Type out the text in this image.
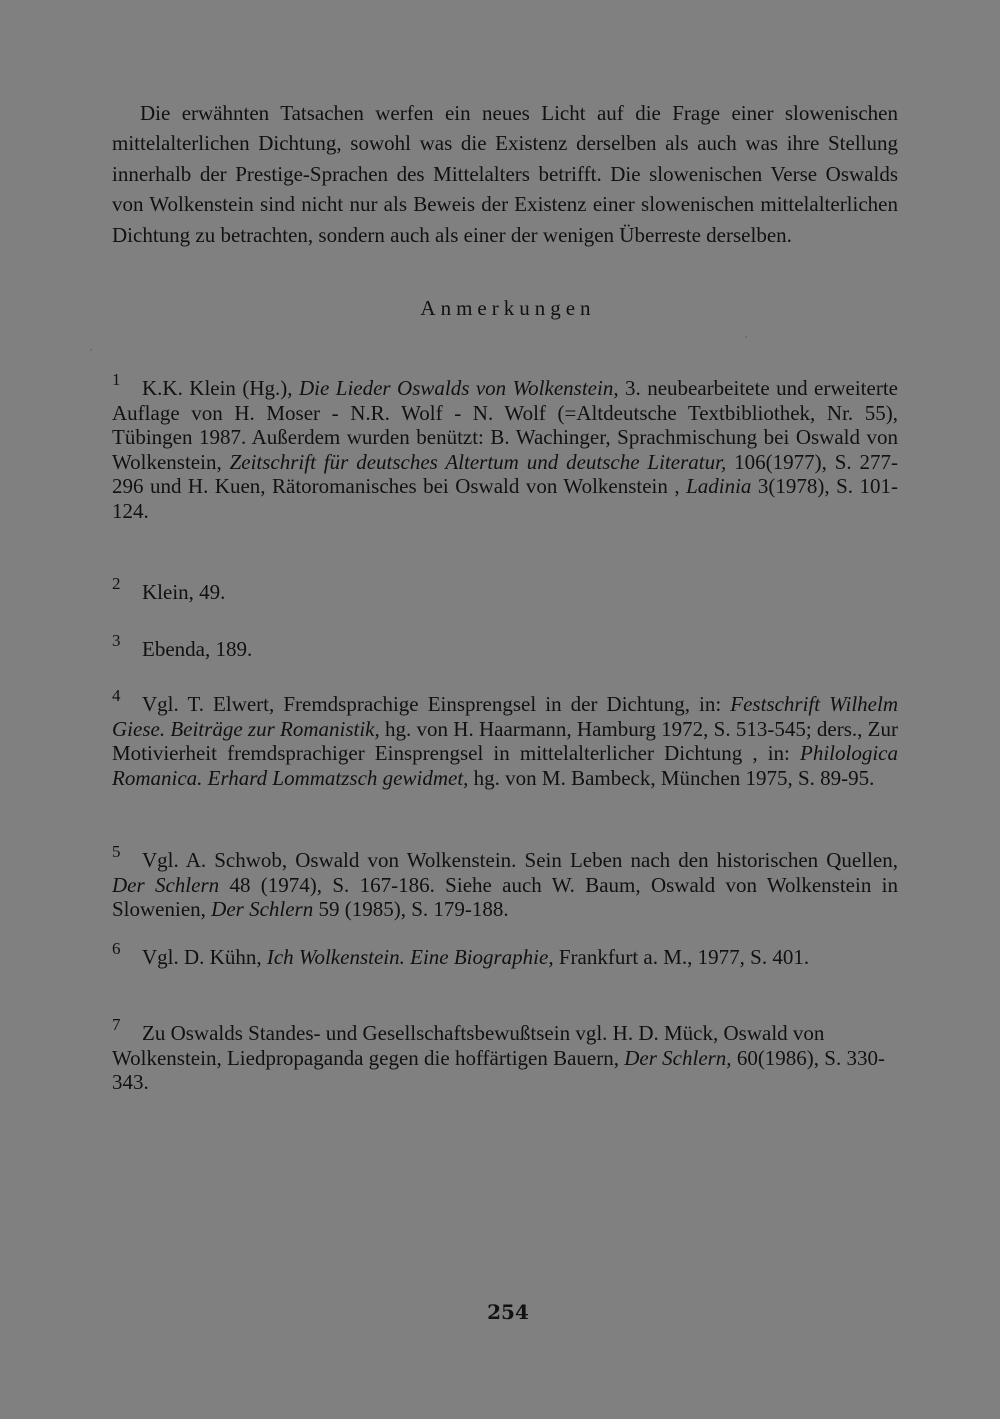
Die erwähnten Tatsachen werfen ein neues Licht auf die Frage einer slowenischen mittelalterlichen Dichtung, sowohl was die Existenz derselben als auch was ihre Stellung innerhalb der Prestige-Sprachen des Mittelalters betrifft. Die slowenischen Verse Oswalds von Wolkenstein sind nicht nur als Beweis der Existenz einer slowenischen mittelalterlichen Dichtung zu betrachten, sondern auch als einer der wenigen Überreste derselben.

Anmerkungen
1	K.K. Klein (Hg.), Die Lieder Oswalds von Wolkenstein, 3. neubearbeitete und erweiterte Auflage von H. Moser - N.R. Wolf - N. Wolf (=Altdeutsche Textbibliothek, Nr. 55), Tübingen 1987. Außerdem wurden benützt: B. Wachinger, Sprachmischung bei Oswald von Wolkenstein, Zeitschrift für deutsches Altertum und deutsche Literatur, 106(1977), S. 277-296 und H. Kuen, Rätoromanisches bei Oswald von Wolkenstein , Ladinia 3(1978), S. 101-124.
2	Klein, 49.
3	Ebenda, 189.
4	Vgl. T. Elwert, Fremdsprachige Einsprengsel in der Dichtung, in: Festschrift Wilhelm Giese. Beiträge zur Romanistik, hg. von H. Haarmann, Hamburg 1972, S. 513-545; ders., Zur Motivierheit fremdsprachiger Einsprengsel in mittelalterlicher Dichtung , in: Philologica Romanica. Erhard Lommatzsch gewidmet, hg. von M. Bambeck, München 1975, S. 89-95.
5	Vgl. A. Schwob, Oswald von Wolkenstein. Sein Leben nach den historischen Quellen, Der Schlern 48 (1974), S. 167-186. Siehe auch W. Baum, Oswald von Wolkenstein in Slowenien, Der Schlern 59 (1985), S. 179-188.
6	Vgl. D. Kühn, Ich Wolkenstein. Eine Biographie, Frankfurt a. M., 1977, S. 401.
7	Zu Oswalds Standes- und Gesellschaftsbewußtsein vgl. H. D. Mück, Oswald von Wolkenstein, Liedpropaganda gegen die hoffärtigen Bauern, Der Schlern, 60(1986), S. 330-343.
254
